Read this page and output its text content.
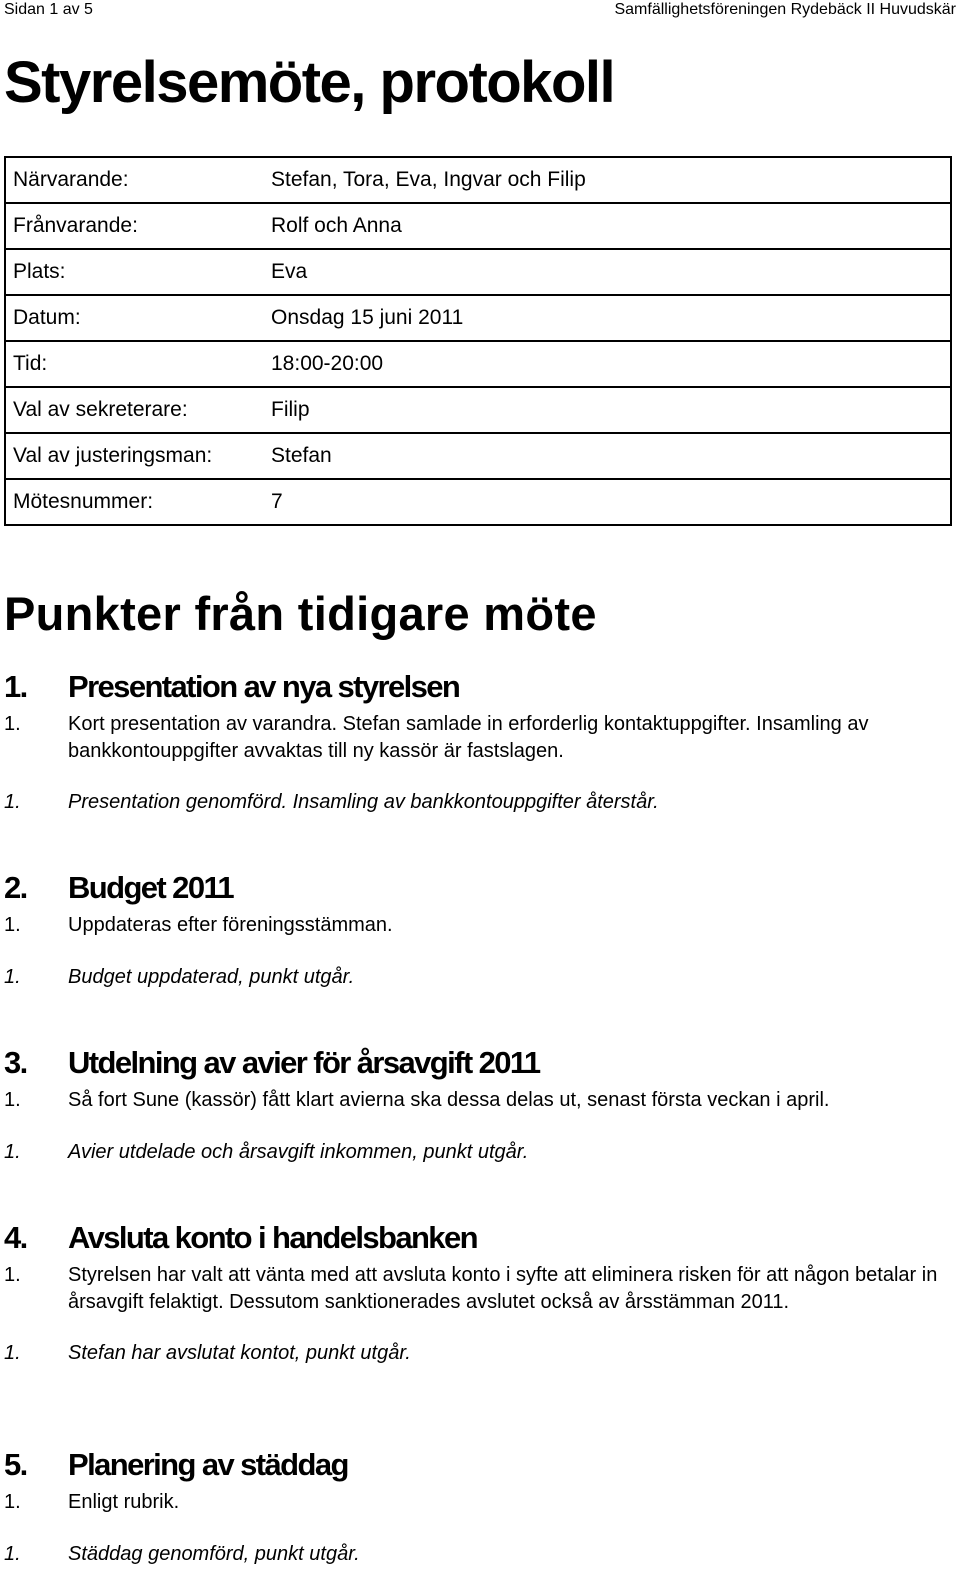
Sidan 1 av 5	Samfällighetsföreningen Rydebäck II Huvudskär
Styrelsemöte, protokoll
Närvarande:	Stefan, Tora, Eva, Ingvar och Filip
Frånvarande:	Rolf och Anna
Plats:	Eva
Datum:	Onsdag 15 juni 2011
Tid:	18:00-20:00
Val av sekreterare:	Filip
Val av justeringsman:	Stefan
Mötesnummer:	7
Punkter från tidigare möte
1. Presentation av nya styrelsen

1. Kort presentation av varandra. Stefan samlade in erforderlig kontaktuppgifter. Insamling av bankkontouppgifter avvaktas till ny kassör är fastslagen.

1. Presentation genomförd. Insamling av bankkontouppgifter återstår.

2. Budget 2011

1. Uppdateras efter föreningsstämman.

1. Budget uppdaterad, punkt utgår.

3. Utdelning av avier för årsavgift 2011

1. Så fort Sune (kassör) fått klart avierna ska dessa delas ut, senast första veckan i april.

1. Avier utdelade och årsavgift inkommen, punkt utgår.

4. Avsluta konto i handelsbanken

1. Styrelsen har valt att vänta med att avsluta konto i syfte att eliminera risken för att någon betalar in årsavgift felaktigt. Dessutom sanktionerades avslutet också av årsstämman 2011.

1. Stefan har avslutat kontot, punkt utgår.

5. Planering av städdag

1. Enligt rubrik.

1. Städdag genomförd, punkt utgår.
